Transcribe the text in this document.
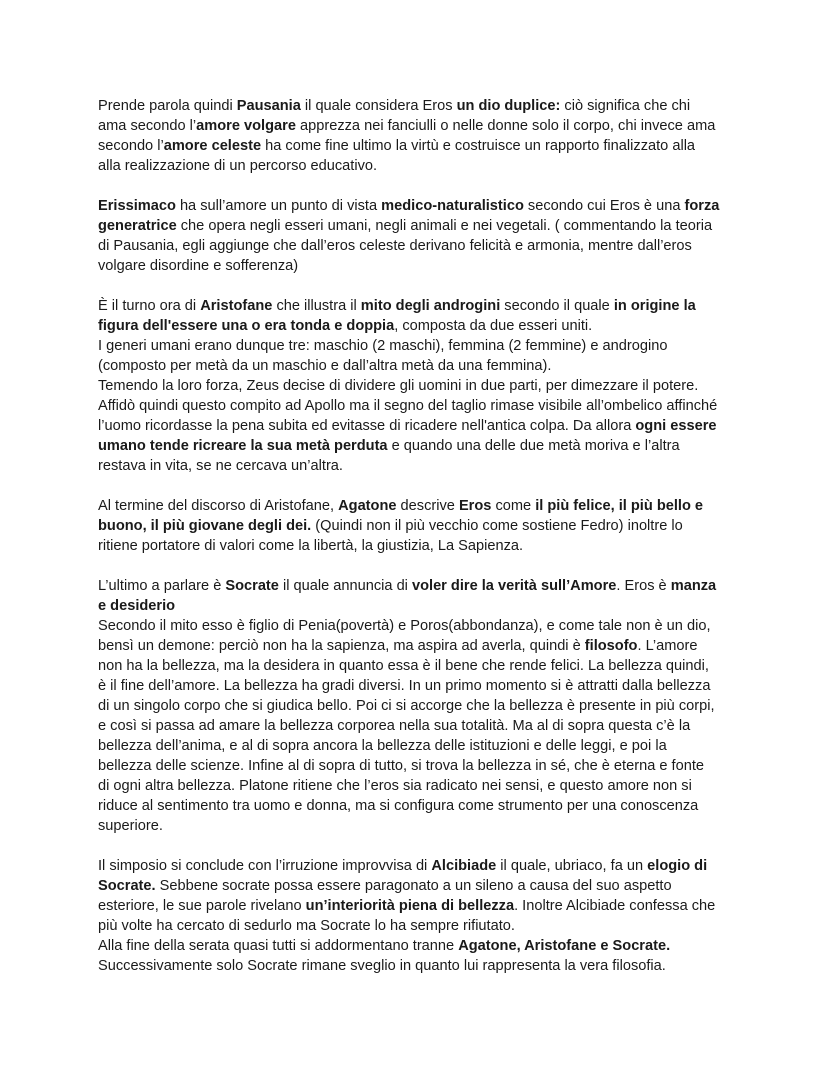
Prende parola quindi Pausania il quale considera Eros un dio duplice: ciò significa che chi
ama secondo l’amore volgare apprezza nei fanciulli o nelle donne solo il corpo, chi invece ama
secondo l’amore celeste ha come fine ultimo la virtù e costruisce un rapporto finalizzato alla
alla realizzazione di un percorso educativo.
Erissimaco ha sull’amore un punto di vista medico-naturalistico secondo cui Eros è una forza
generatrice che opera negli esseri umani, negli animali e nei vegetali. ( commentando la teoria
di Pausania, egli aggiunge che dall’eros celeste derivano felicità e armonia, mentre dall’eros
volgare disordine e sofferenza)
È il turno ora di Aristofane che illustra il mito degli androgini secondo il quale in origine la
figura dell'essere una o era tonda e doppia, composta da due esseri uniti.
I generi umani erano dunque tre: maschio (2 maschi), femmina (2 femmine) e androgino
(composto per metà da un maschio e dall’altra metà da una femmina).
Temendo la loro forza, Zeus decise di dividere gli uomini in due parti, per dimezzare il potere.
Affidò quindi questo compito ad Apollo ma il segno del taglio rimase visibile all’ombelico affinché
l’uomo ricordasse la pena subita ed evitasse di ricadere nell'antica colpa. Da allora ogni essere
umano tende ricreare la sua metà perduta e quando una delle due metà moriva e l’altra
restava in vita, se ne cercava un’altra.
Al termine del discorso di Aristofane, Agatone descrive Eros come il più felice, il più bello e
buono, il più giovane degli dei. (Quindi non il più vecchio come sostiene Fedro) inoltre lo
ritiene portatore di valori come la libertà, la giustizia, La Sapienza.
L’ultimo a parlare è Socrate il quale annuncia di voler dire la verità sull’Amore. Eros è manza
e desiderio
Secondo il mito esso è figlio di Penia(povertà) e Poros(abbondanza), e come tale non è un dio,
bensì un demone: perciò non ha la sapienza, ma aspira ad averla, quindi è filosofo. L’amore
non ha la bellezza, ma la desidera in quanto essa è il bene che rende felici. La bellezza quindi,
è il fine dell’amore. La bellezza ha gradi diversi. In un primo momento si è attratti dalla bellezza
di un singolo corpo che si giudica bello. Poi ci si accorge che la bellezza è presente in più corpi,
e così si passa ad amare la bellezza corporea nella sua totalità. Ma al di sopra questa c’è la
bellezza dell’anima, e al di sopra ancora la bellezza delle istituzioni e delle leggi, e poi la
bellezza delle scienze. Infine al di sopra di tutto, si trova la bellezza in sé, che è eterna e fonte
di ogni altra bellezza. Platone ritiene che l’eros sia radicato nei sensi, e questo amore non si
riduce al sentimento tra uomo e donna, ma si configura come strumento per una conoscenza
superiore.
Il simposio si conclude con l’irruzione improvvisa di Alcibiade il quale, ubriaco, fa un elogio di
Socrate. Sebbene socrate possa essere paragonato a un sileno a causa del suo aspetto
esteriore, le sue parole rivelano un’interiorità piena di bellezza. Inoltre Alcibiade confessa che
più volte ha cercato di sedurlo ma Socrate lo ha sempre rifiutato.
Alla fine della serata quasi tutti si addormentano tranne Agatone, Aristofane e Socrate.
Successivamente solo Socrate rimane sveglio in quanto lui rappresenta la vera filosofia.
